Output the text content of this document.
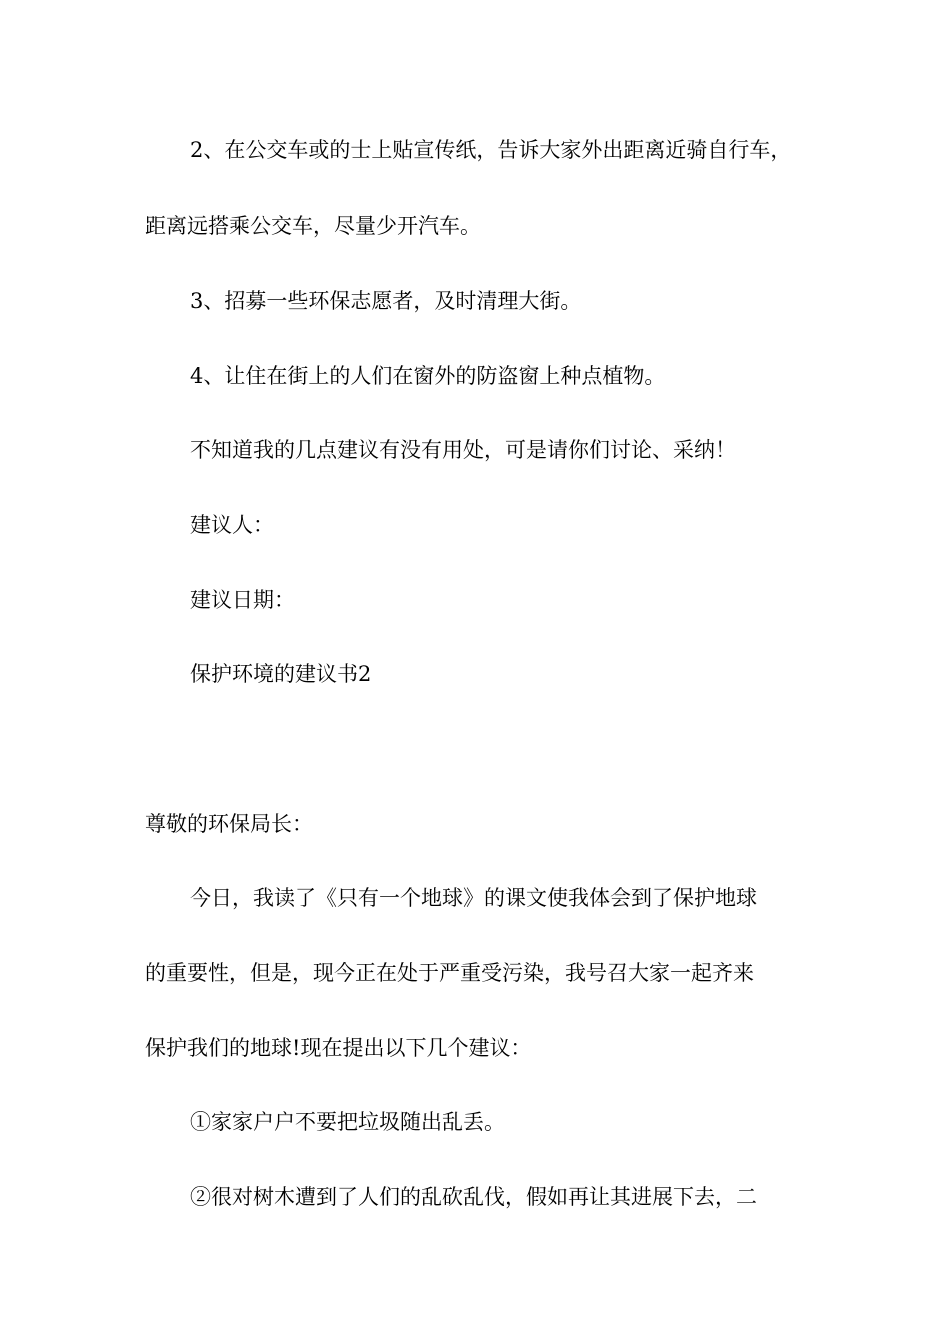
2、在公交车或的士上贴宣传纸，告诉大家外出距离近骑自行车，
距离远搭乘公交车，尽量少开汽车。
3、招募一些环保志愿者，及时清理大街。
4、让住在街上的人们在窗外的防盗窗上种点植物。
不知道我的几点建议有没有用处，可是请你们讨论、采纳！
建议人：
建议日期：
保护环境的建议书2
尊敬的环保局长：
今日，我读了《只有一个地球》的课文使我体会到了保护地球
的重要性，但是，现今正在处于严重受污染，我号召大家一起齐来
保护我们的地球!现在提出以下几个建议：
①家家户户不要把垃圾随出乱丢。
②很对树木遭到了人们的乱砍乱伐，假如再让其进展下去，二
